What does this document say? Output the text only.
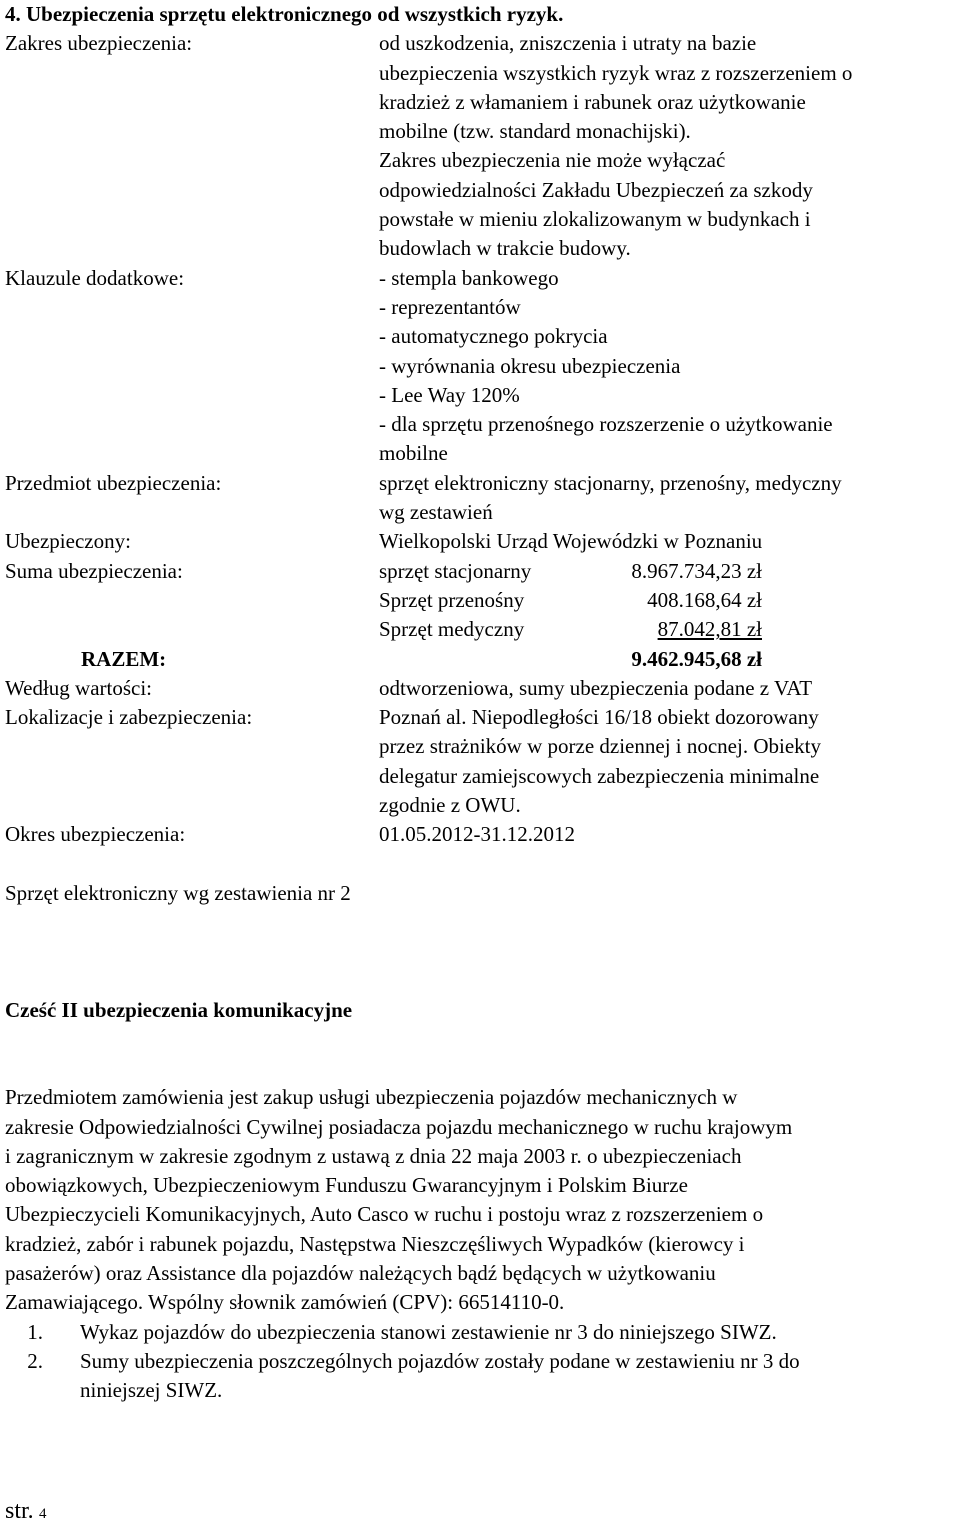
4. Ubezpieczenia sprzętu elektronicznego od wszystkich ryzyk.
Zakres ubezpieczenia:	od uszkodzenia, zniszczenia i utraty na bazie
ubezpieczenia wszystkich ryzyk wraz z rozszerzeniem o
kradzież z włamaniem i rabunek oraz użytkowanie
mobilne (tzw. standard monachijski).
Zakres ubezpieczenia nie może wyłączać
odpowiedzialności Zakładu Ubezpieczeń za szkody
powstałe w mieniu zlokalizowanym w budynkach i
budowlach w trakcie budowy.
Klauzule dodatkowe:	- stempla bankowego
- reprezentantów
- automatycznego pokrycia
- wyrównania okresu ubezpieczenia
- Lee Way 120%
- dla sprzętu przenośnego rozszerzenie o użytkowanie
mobilne
Przedmiot ubezpieczenia:	sprzęt elektroniczny stacjonarny, przenośny, medyczny
wg zestawień
Ubezpieczony:	Wielkopolski Urząd Wojewódzki w Poznaniu
Suma ubezpieczenia:	sprzęt stacjonarny	8.967.734,23 zł
Sprzęt przenośny	408.168,64 zł
Sprzęt medyczny	87.042,81 zł
RAZEM:	9.462.945,68 zł
Według wartości:	odtworzeniowa, sumy ubezpieczenia podane z VAT
Lokalizacje i zabezpieczenia:	Poznań al. Niepodległości 16/18 obiekt dozorowany
przez strażników w porze dziennej i nocnej. Obiekty
delegatur zamiejscowych zabezpieczenia minimalne
zgodnie z OWU.
Okres ubezpieczenia:	01.05.2012-31.12.2012
Sprzęt elektroniczny wg zestawienia nr 2
Cześć II ubezpieczenia komunikacyjne
Przedmiotem zamówienia jest zakup usługi ubezpieczenia pojazdów mechanicznych w
zakresie Odpowiedzialności Cywilnej posiadacza pojazdu mechanicznego w ruchu krajowym
i zagranicznym w zakresie zgodnym z ustawą z dnia 22 maja 2003 r. o ubezpieczeniach
obowiązkowych, Ubezpieczeniowym Funduszu Gwarancyjnym i Polskim Biurze
Ubezpieczycieli Komunikacyjnych, Auto Casco w ruchu i postoju wraz z rozszerzeniem o
kradzież, zabór i rabunek pojazdu, Następstwa Nieszczęśliwych Wypadków (kierowcy i
pasażerów) oraz Assistance dla pojazdów należących bądź będących w użytkowaniu
Zamawiającego. Wspólny słownik zamówień (CPV): 66514110-0.
1. Wykaz pojazdów do ubezpieczenia stanowi zestawienie nr 3 do niniejszego SIWZ.
2. Sumy ubezpieczenia poszczególnych pojazdów zostały podane w zestawieniu nr 3 do
niniejszej SIWZ.
str. 4
